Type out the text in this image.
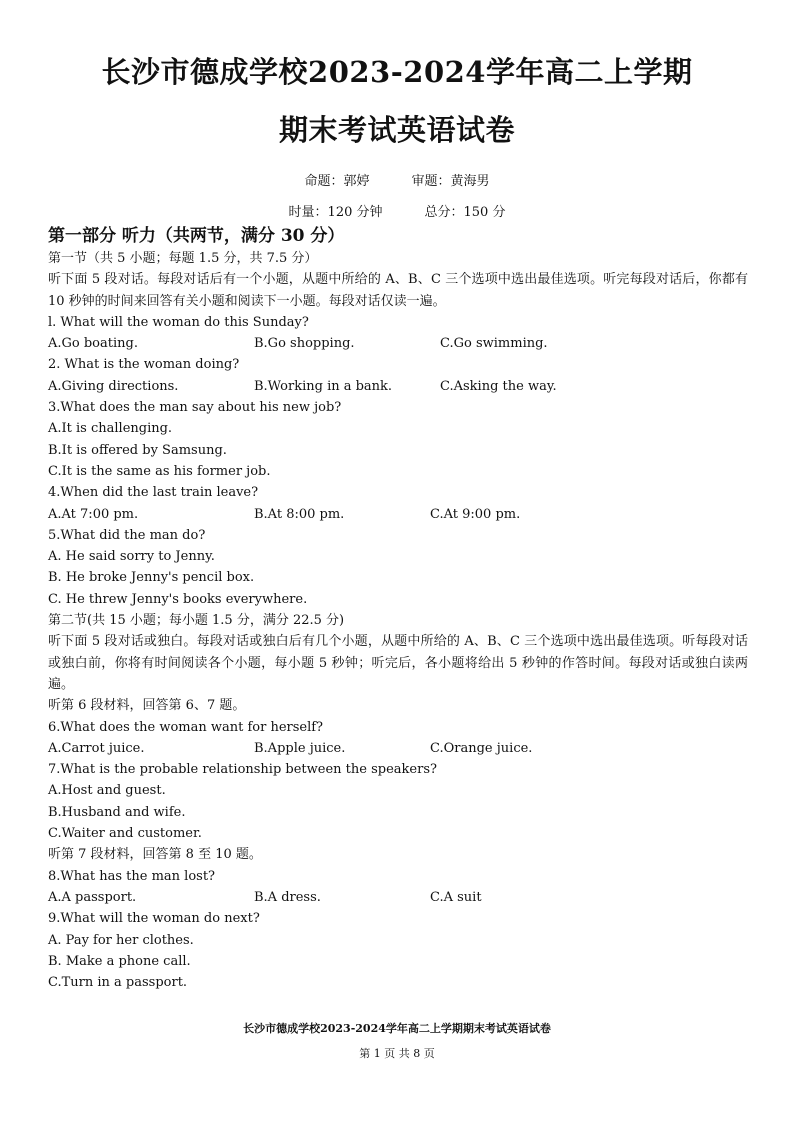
长沙市德成学校2023-2024学年高二上学期
期末考试英语试卷
命题：郭婷	审题：黄海男
时量：120 分钟	总分：150 分
第一部分 听力（共两节，满分 30 分）
第一节（共 5 小题；每题 1.5 分，共 7.5 分）
听下面 5 段对话。每段对话后有一个小题，从题中所给的 A、B、C 三个选项中选出最佳选项。听完每段对话后，你都有 10 秒钟的时间来回答有关小题和阅读下一小题。每段对话仅读一遍。
l. What will the woman do this Sunday?
A.Go boating.	B.Go shopping.	C.Go swimming.
2. What is the woman doing?
A.Giving directions.	B.Working in a bank.	C.Asking the way.
3.What does the man say about his new job?
A.It is challenging.
B.It is offered by Samsung.
C.It is the same as his former job.
4.When did the last train leave?
A.At 7:00 pm.	B.At 8:00 pm.	C.At 9:00 pm.
5.What did the man do?
A. He said sorry to Jenny.
B. He broke Jenny's pencil box.
C. He threw Jenny's books everywhere.
第二节(共 15 小题；每小题 1.5 分，满分 22.5 分)
听下面 5 段对话或独白。每段对话或独白后有几个小题，从题中所给的 A、B、C 三个选项中选出最佳选项。听每段对话或独白前，你将有时间阅读各个小题，每小题 5 秒钟；听完后，各小题将给出 5 秒钟的作答时间。每段对话或独白读两遍。
听第 6 段材料，回答第 6、7 题。
6.What does the woman want for herself?
A.Carrot juice.	B.Apple juice.	C.Orange juice.
7.What is the probable relationship between the speakers?
A.Host and guest.
B.Husband and wife.
C.Waiter and customer.
听第 7 段材料，回答第 8 至 10 题。
8.What has the man lost?
A.A passport.	B.A dress.	C.A suit
9.What will the woman do next?
A. Pay for her clothes.
B. Make a phone call.
C.Turn in a passport.
长沙市德成学校2023-2024学年高二上学期期末考试英语试卷
第 1 页 共 8 页
